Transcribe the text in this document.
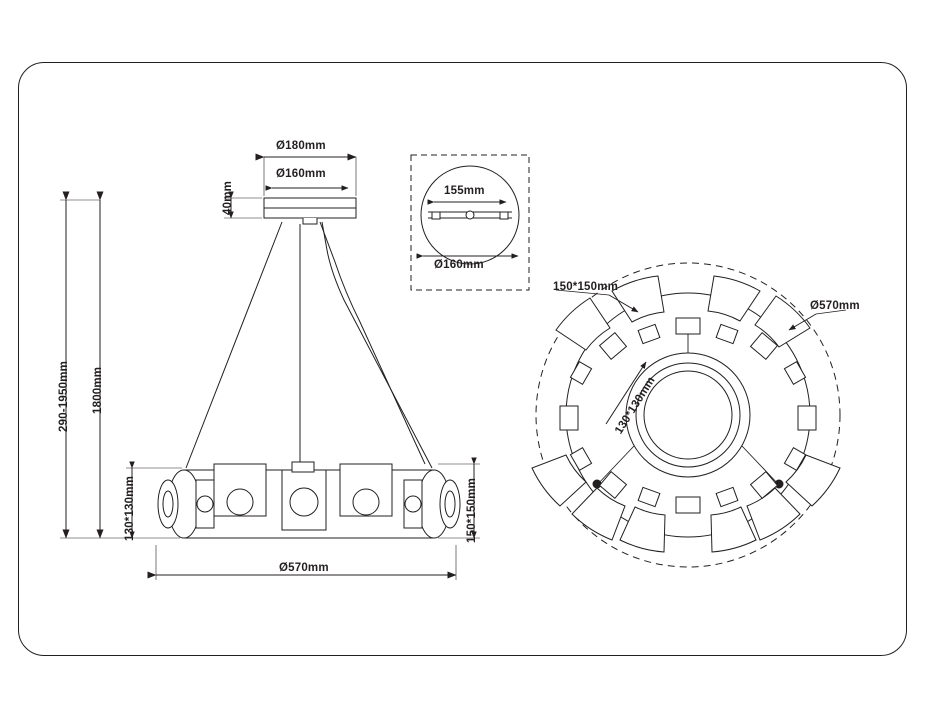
Ø180mm
Ø160mm
40mm
290-1950mm 1800mm
130*130mm	150*150mm
Ø570mm
155mm
Ø160mm
150*150mm
130*130mm
Ø570mm
